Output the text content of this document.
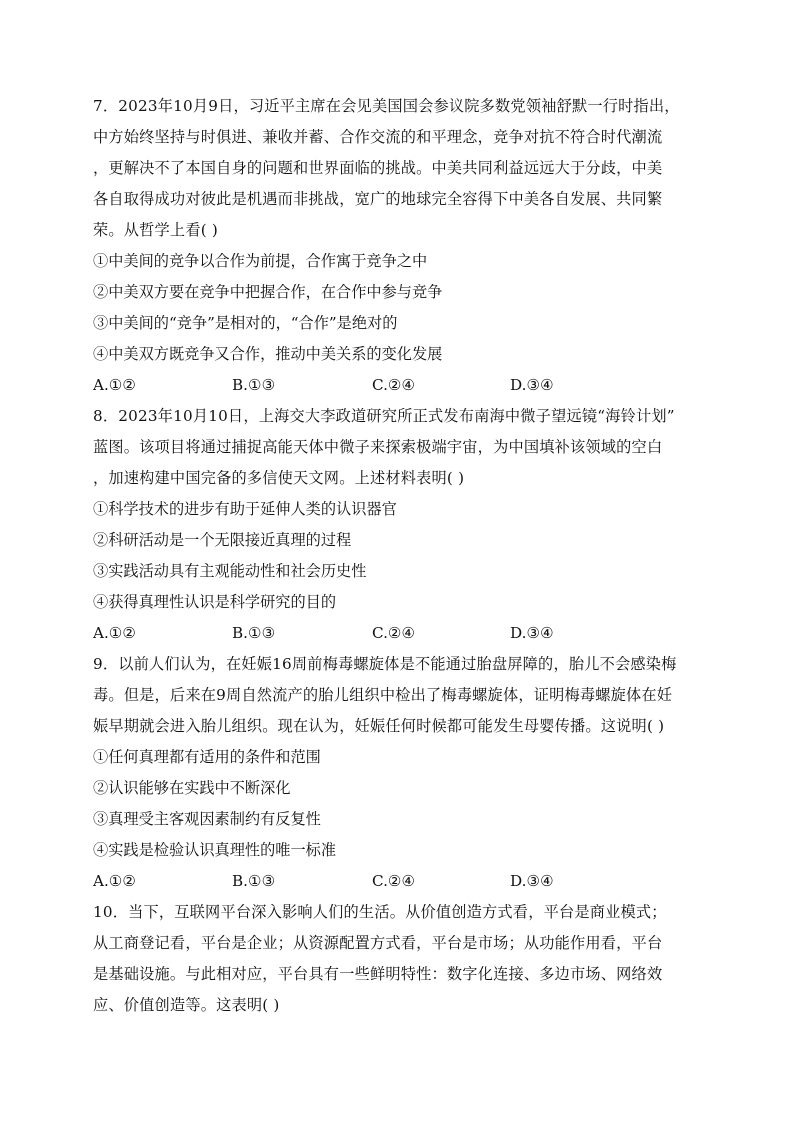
7．2023年10月9日，习近平主席在会见美国国会参议院多数党领袖舒默一行时指出，
中方始终坚持与时俱进、兼收并蓄、合作交流的和平理念，竞争对抗不符合时代潮流
，更解决不了本国自身的问题和世界面临的挑战。中美共同利益远远大于分歧，中美
各自取得成功对彼此是机遇而非挑战，宽广的地球完全容得下中美各自发展、共同繁
荣。从哲学上看( )
①中美间的竞争以合作为前提，合作寓于竞争之中
②中美双方要在竞争中把握合作，在合作中参与竞争
③中美间的“竞争”是相对的，“合作”是绝对的
④中美双方既竞争又合作，推动中美关系的变化发展
A.①②	B.①③	C.②④	D.③④
8．2023年10月10日，上海交大李政道研究所正式发布南海中微子望远镜“海铃计划”
蓝图。该项目将通过捕捉高能天体中微子来探索极端宇宙，为中国填补该领域的空白
，加速构建中国完备的多信使天文网。上述材料表明( )
①科学技术的进步有助于延伸人类的认识器官
②科研活动是一个无限接近真理的过程
③实践活动具有主观能动性和社会历史性
④获得真理性认识是科学研究的目的
A.①②	B.①③	C.②④	D.③④
9．以前人们认为，在妊娠16周前梅毒螺旋体是不能通过胎盘屏障的，胎儿不会感染梅
毒。但是，后来在9周自然流产的胎儿组织中检出了梅毒螺旋体，证明梅毒螺旋体在妊
娠早期就会进入胎儿组织。现在认为，妊娠任何时候都可能发生母婴传播。这说明( )
①任何真理都有适用的条件和范围
②认识能够在实践中不断深化
③真理受主客观因素制约有反复性
④实践是检验认识真理性的唯一标准
A.①②	B.①③	C.②④	D.③④
10．当下，互联网平台深入影响人们的生活。从价值创造方式看，平台是商业模式；
从工商登记看，平台是企业；从资源配置方式看，平台是市场；从功能作用看，平台
是基础设施。与此相对应，平台具有一些鲜明特性：数字化连接、多边市场、网络效
应、价值创造等。这表明( )
